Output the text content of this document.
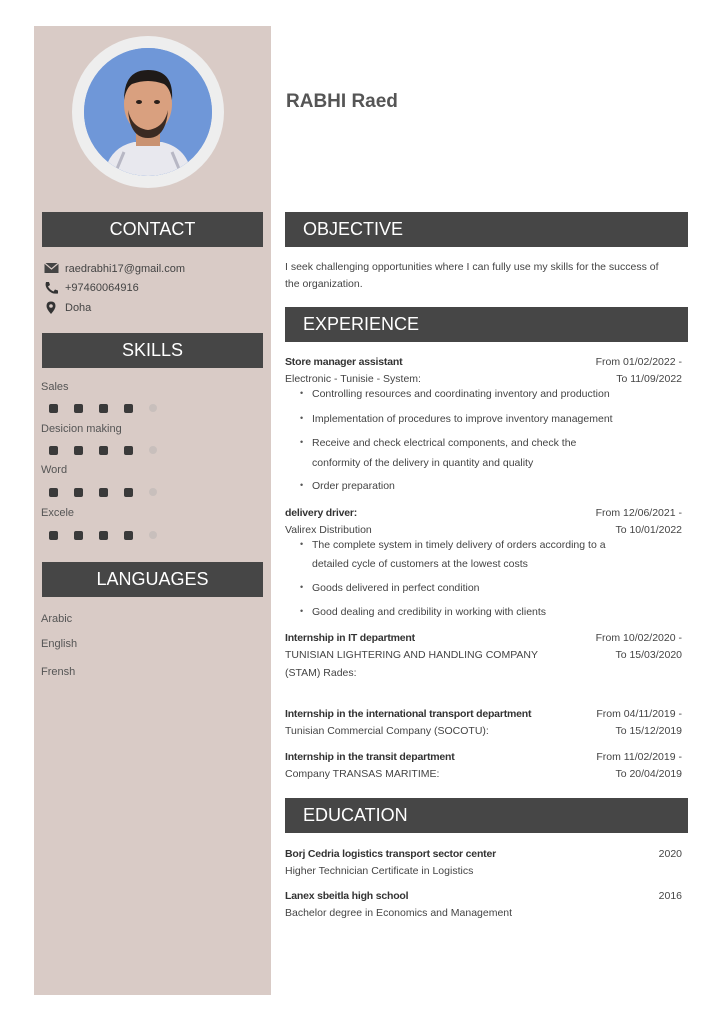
CONTACT
raedrabhi17@gmail.com
+97460064916
Doha
SKILLS
Sales
Desicion making
Word
Excele
LANGUAGES
Arabic
English
Frensh
RABHI Raed
OBJECTIVE
I seek challenging opportunities where I can fully use my skills for the success of
the organization.
EXPERIENCE
Store manager assistant	From 01/02/2022 -
Electronic - Tunisie - System:	To 11/09/2022
• Controlling resources and coordinating inventory and production
• Implementation of procedures to improve inventory management
• Receive and check electrical components, and check the
conformity of the delivery in quantity and quality
• Order preparation
delivery driver:	From 12/06/2021 -
Valirex Distribution	To 10/01/2022
• The complete system in timely delivery of orders according to a
detailed cycle of customers at the lowest costs
• Goods delivered in perfect condition
• Good dealing and credibility in working with clients
Internship in IT department	From 10/02/2020 -
TUNISIAN LIGHTERING AND HANDLING COMPANY	To 15/03/2020
(STAM) Rades:
Internship in the international transport department	From 04/11/2019 -
Tunisian Commercial Company (SOCOTU):	To 15/12/2019
Internship in the transit department	From 11/02/2019 -
Company TRANSAS MARITIME:	To 20/04/2019
EDUCATION
Borj Cedria logistics transport sector center	2020
Higher Technician Certificate in Logistics
Lanex sbeitla high school	2016
Bachelor degree in Economics and Management
